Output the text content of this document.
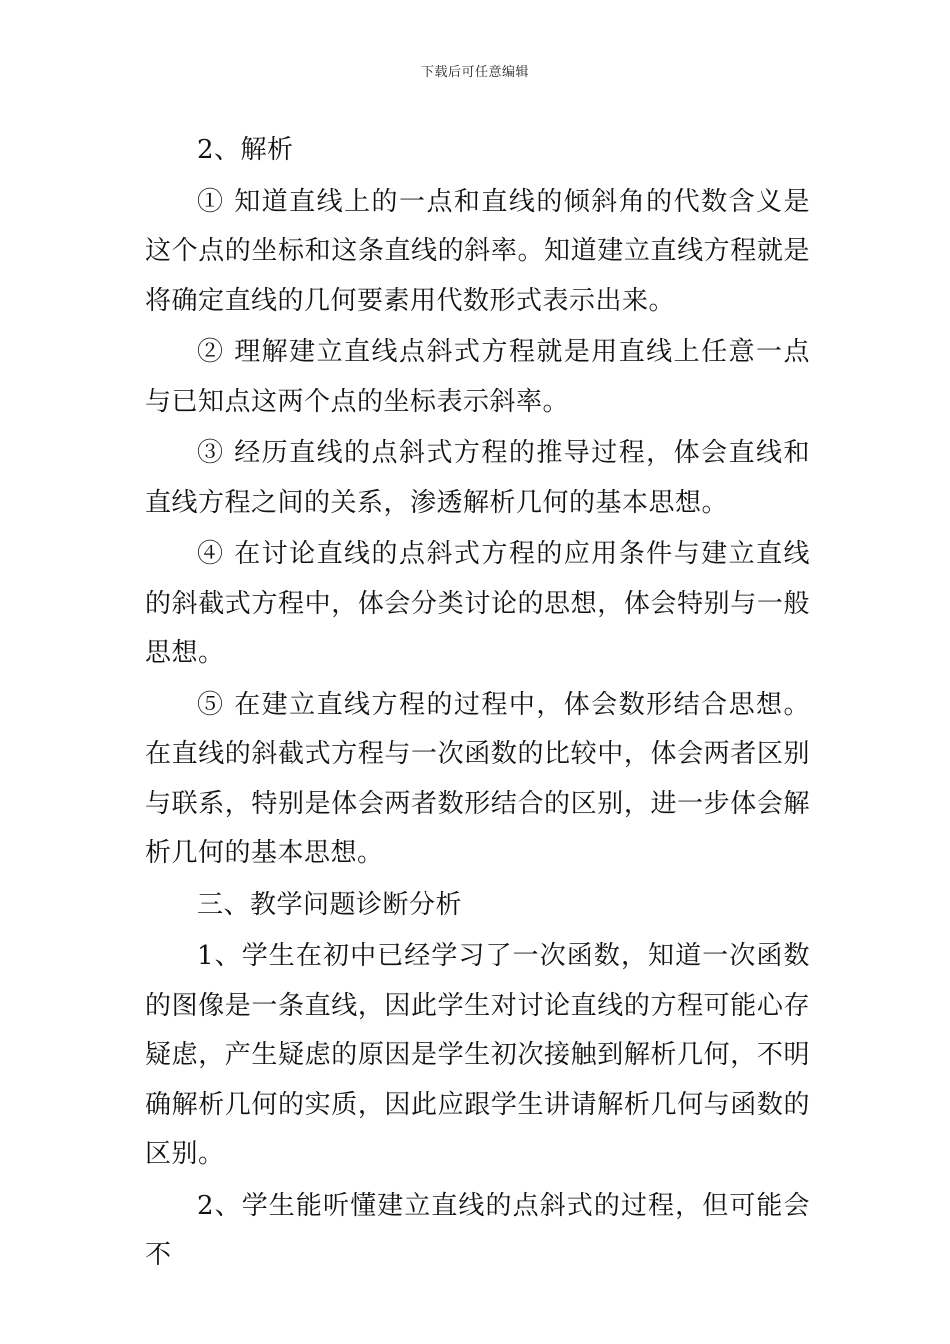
下载后可任意编辑

2、解析

① 知道直线上的一点和直线的倾斜角的代数含义是这个点的坐标和这条直线的斜率。知道建立直线方程就是将确定直线的几何要素用代数形式表示出来。

② 理解建立直线点斜式方程就是用直线上任意一点与已知点这两个点的坐标表示斜率。

③ 经历直线的点斜式方程的推导过程，体会直线和直线方程之间的关系，渗透解析几何的基本思想。

④ 在讨论直线的点斜式方程的应用条件与建立直线的斜截式方程中，体会分类讨论的思想，体会特别与一般思想。

⑤ 在建立直线方程的过程中，体会数形结合思想。在直线的斜截式方程与一次函数的比较中，体会两者区别与联系，特别是体会两者数形结合的区别，进一步体会解析几何的基本思想。

三、教学问题诊断分析

1、学生在初中已经学习了一次函数，知道一次函数的图像是一条直线，因此学生对讨论直线的方程可能心存疑虑，产生疑虑的原因是学生初次接触到解析几何，不明确解析几何的实质，因此应跟学生讲请解析几何与函数的区别。

2、学生能听懂建立直线的点斜式的过程，但可能会不
